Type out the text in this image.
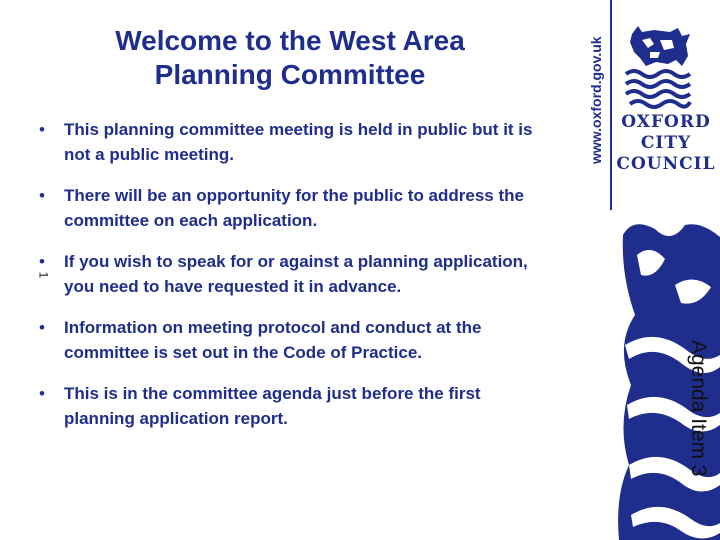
Welcome to the West Area
Planning Committee
• This planning committee meeting is held in public but it is not a public meeting.
• There will be an opportunity for the public to address the committee on each application.
• If you wish to speak for or against a planning application, you need to have requested it in advance.
• Information on meeting protocol and conduct at the committee is set out in the Code of Practice.
• This is in the committee agenda just before the first planning application report.
1
www.oxford.gov.uk	OXFORD
CITY
COUNCIL
Agenda Item 3
